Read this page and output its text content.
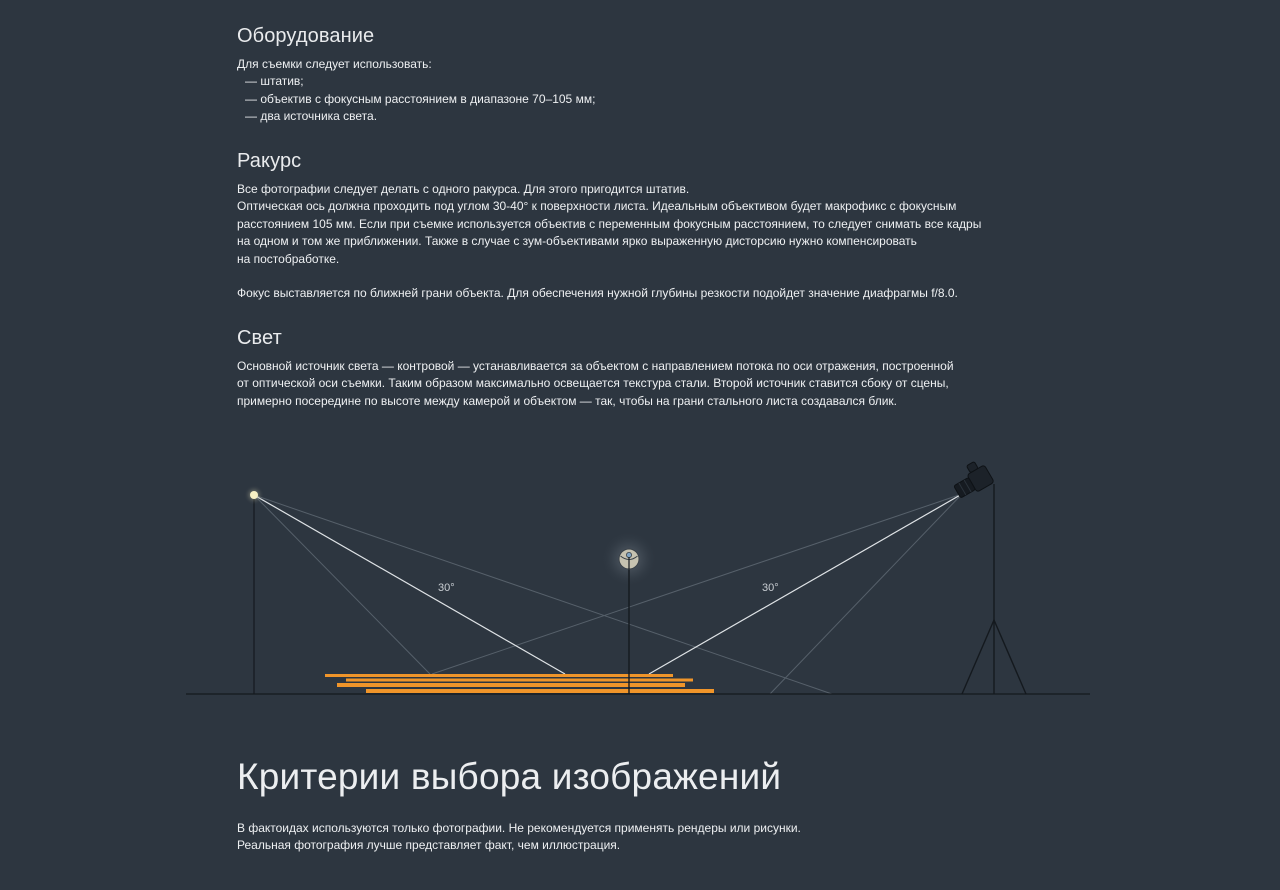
Оборудование
Для съемки следует использовать:
— штатив;
— объектив с фокусным расстоянием в диапазоне 70–105 мм;
— два источника света.
Ракурс
Все фотографии следует делать с одного ракурса. Для этого пригодится штатив.
Оптическая ось должна проходить под углом 30-40° к поверхности листа. Идеальным объективом будет макрофикс с фокусным
расстоянием 105 мм. Если при съемке используется объектив с переменным фокусным расстоянием, то следует снимать все кадры
на одном и том же приближении. Также в случае с зум-объективами ярко выраженную дисторсию нужно компенсировать
на постобработке.
Фокус выставляется по ближней грани объекта. Для обеспечения нужной глубины резкости подойдет значение диафрагмы f/8.0.
Свет
Основной источник света — контровой — устанавливается за объектом с направлением потока по оси отражения, построенной
от оптической оси съемки. Таким образом максимально освещается текстура стали. Второй источник ставится сбоку от сцены,
примерно посередине по высоте между камерой и объектом — так, чтобы на грани стального листа создавался блик.
В фактоидах используются только фотографии. Не рекомендуется применять рендеры или рисунки.
Реальная фотография лучше представляет факт, чем иллюстрация.
Критерии выбора изображений
30°	30°
